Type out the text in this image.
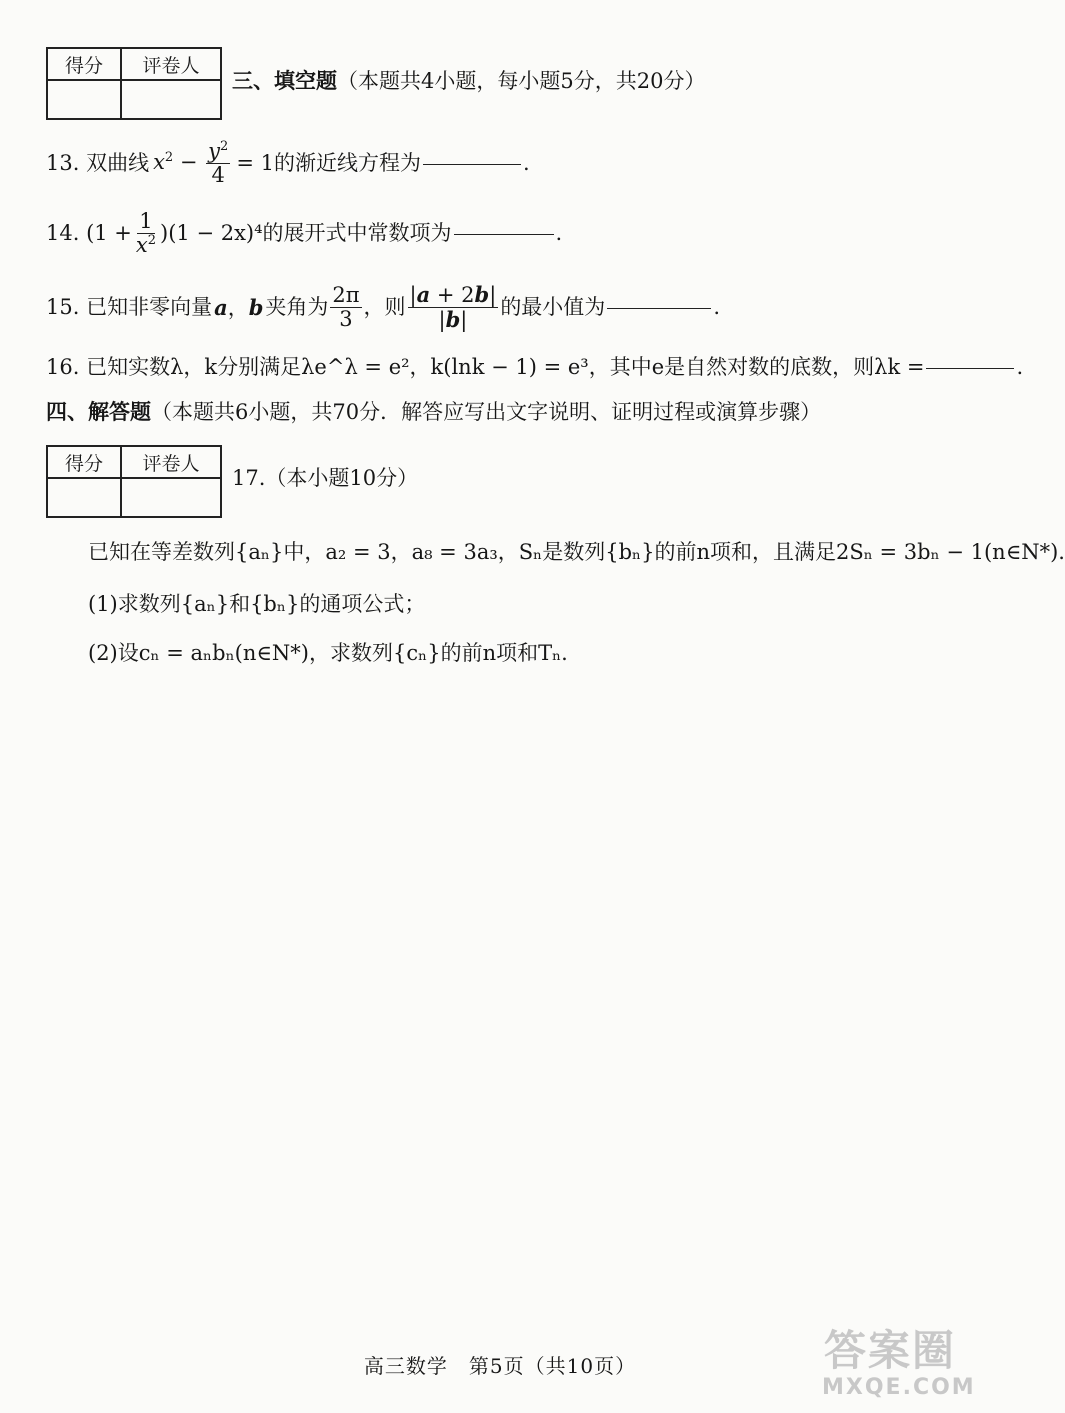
得分	评卷人

三、填空题（本题共4小题，每小题5分，共20分）
13. 双曲线 $x^2 - \frac{y^2}{4} = 1$的渐近线方程为	.
14. $(1 + \frac{1}{x^2} )(1 - 2x)^4$的展开式中常数项为	.
15. 已知非零向量 a，b 夹角为 $\frac{2\pi}{3}$ ，则 $\frac{|a + 2b|}{|b|}$ 的最小值为	.
16. 已知实数λ，k分别满足λe^λ = e²，k(lnk − 1) = e³，其中e是自然对数的底数，则λk =	.
四、解答题（本题共6小题，共70分．解答应写出文字说明、证明过程或演算步骤）
得分	评卷人

17.（本小题10分）
已知在等差数列{aₙ}中，a₂ = 3，a₈ = 3a₃，Sₙ是数列{bₙ}的前n项和，且满足2Sₙ = 3bₙ − 1(n∈N*).
(1)求数列{aₙ}和{bₙ}的通项公式；
(2)设cₙ = aₙbₙ(n∈N*)，求数列{cₙ}的前n项和Tₙ.
高三数学　第5页（共10页）	答案圈
MXQE.COM
